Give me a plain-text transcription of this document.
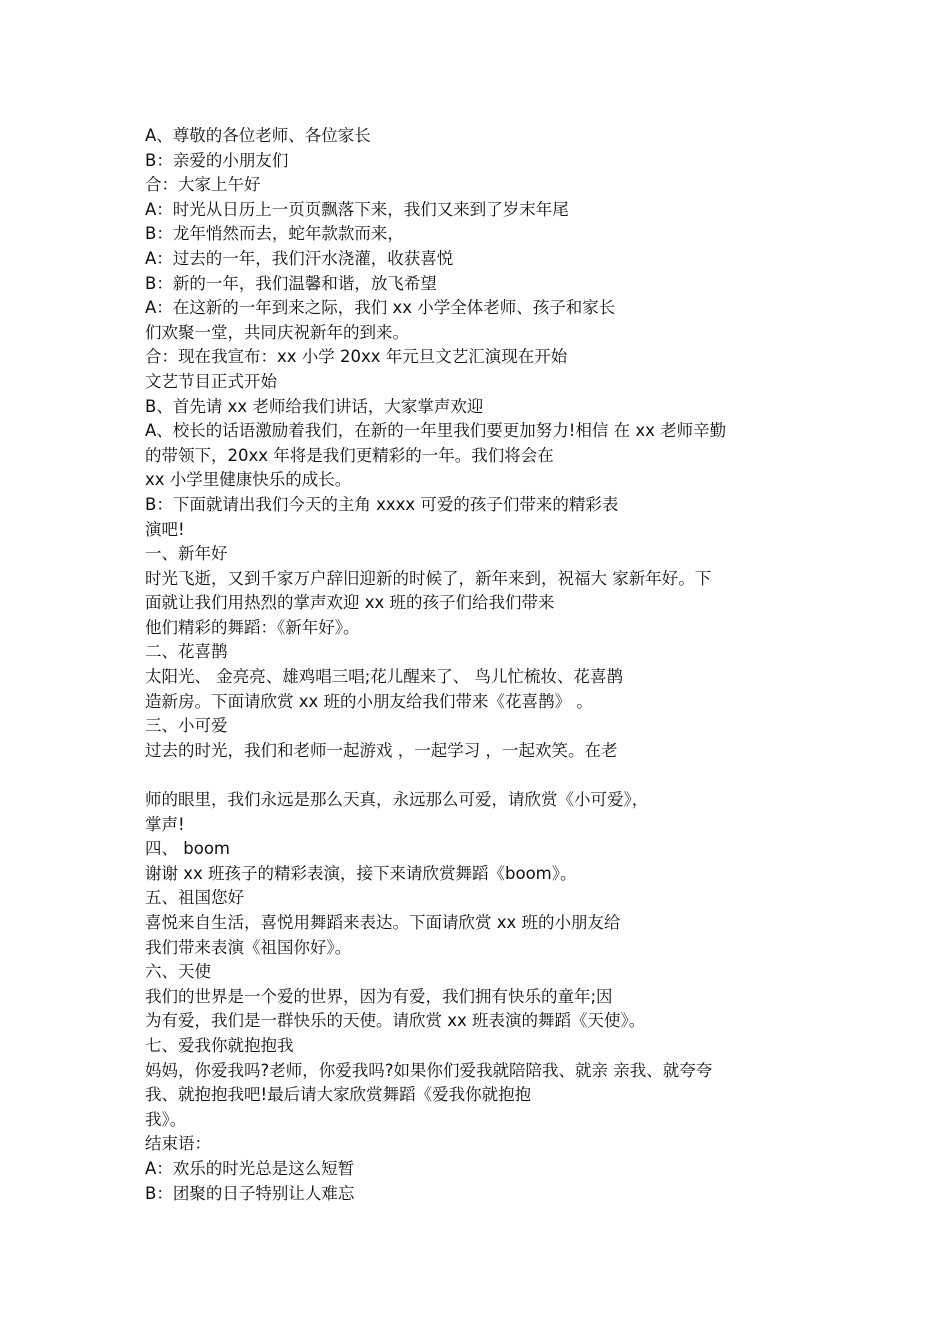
A、尊敬的各位老师、各位家长
B：亲爱的小朋友们
合：大家上午好
A：时光从日历上一页页飘落下来，我们又来到了岁末年尾
B：龙年悄然而去，蛇年款款而来，
A：过去的一年，我们汗水浇灌，收获喜悦
B：新的一年，我们温馨和谐，放飞希望
A：在这新的一年到来之际，我们 xx 小学全体老师、孩子和家长
们欢聚一堂，共同庆祝新年的到来。
合：现在我宣布：xx 小学 20xx 年元旦文艺汇演现在开始
文艺节目正式开始
B、首先请 xx 老师给我们讲话，大家掌声欢迎
A、校长的话语激励着我们，在新的一年里我们要更加努力!相信 在 xx 老师辛勤
的带领下，20xx 年将是我们更精彩的一年。我们将会在
xx 小学里健康快乐的成长。
B：下面就请出我们今天的主角 xxxx 可爱的孩子们带来的精彩表
演吧!
一、新年好
时光飞逝，又到千家万户辞旧迎新的时候了，新年来到，祝福大 家新年好。下
面就让我们用热烈的掌声欢迎 xx 班的孩子们给我们带来
他们精彩的舞蹈：《新年好》。
二、花喜鹊
太阳光、 金亮亮、雄鸡唱三唱;花儿醒来了、 鸟儿忙梳妆、花喜鹊
造新房。下面请欣赏 xx 班的小朋友给我们带来《花喜鹊》 。
三、小可爱
过去的时光，我们和老师一起游戏 ，一起学习 ，一起欢笑。在老
师的眼里，我们永远是那么天真，永远那么可爱，请欣赏《小可爱》，
掌声!
四、 boom
谢谢 xx 班孩子的精彩表演，接下来请欣赏舞蹈《boom》。
五、祖国您好
喜悦来自生活，喜悦用舞蹈来表达。下面请欣赏 xx 班的小朋友给
我们带来表演《祖国你好》。
六、天使
我们的世界是一个爱的世界，因为有爱，我们拥有快乐的童年;因
为有爱，我们是一群快乐的天使。请欣赏 xx 班表演的舞蹈《天使》。
七、爱我你就抱抱我
妈妈，你爱我吗?老师，你爱我吗?如果你们爱我就陪陪我、就亲 亲我、就夸夸
我、就抱抱我吧!最后请大家欣赏舞蹈《爱我你就抱抱
我》。
结束语：
A：欢乐的时光总是这么短暂
B：团聚的日子特别让人难忘
